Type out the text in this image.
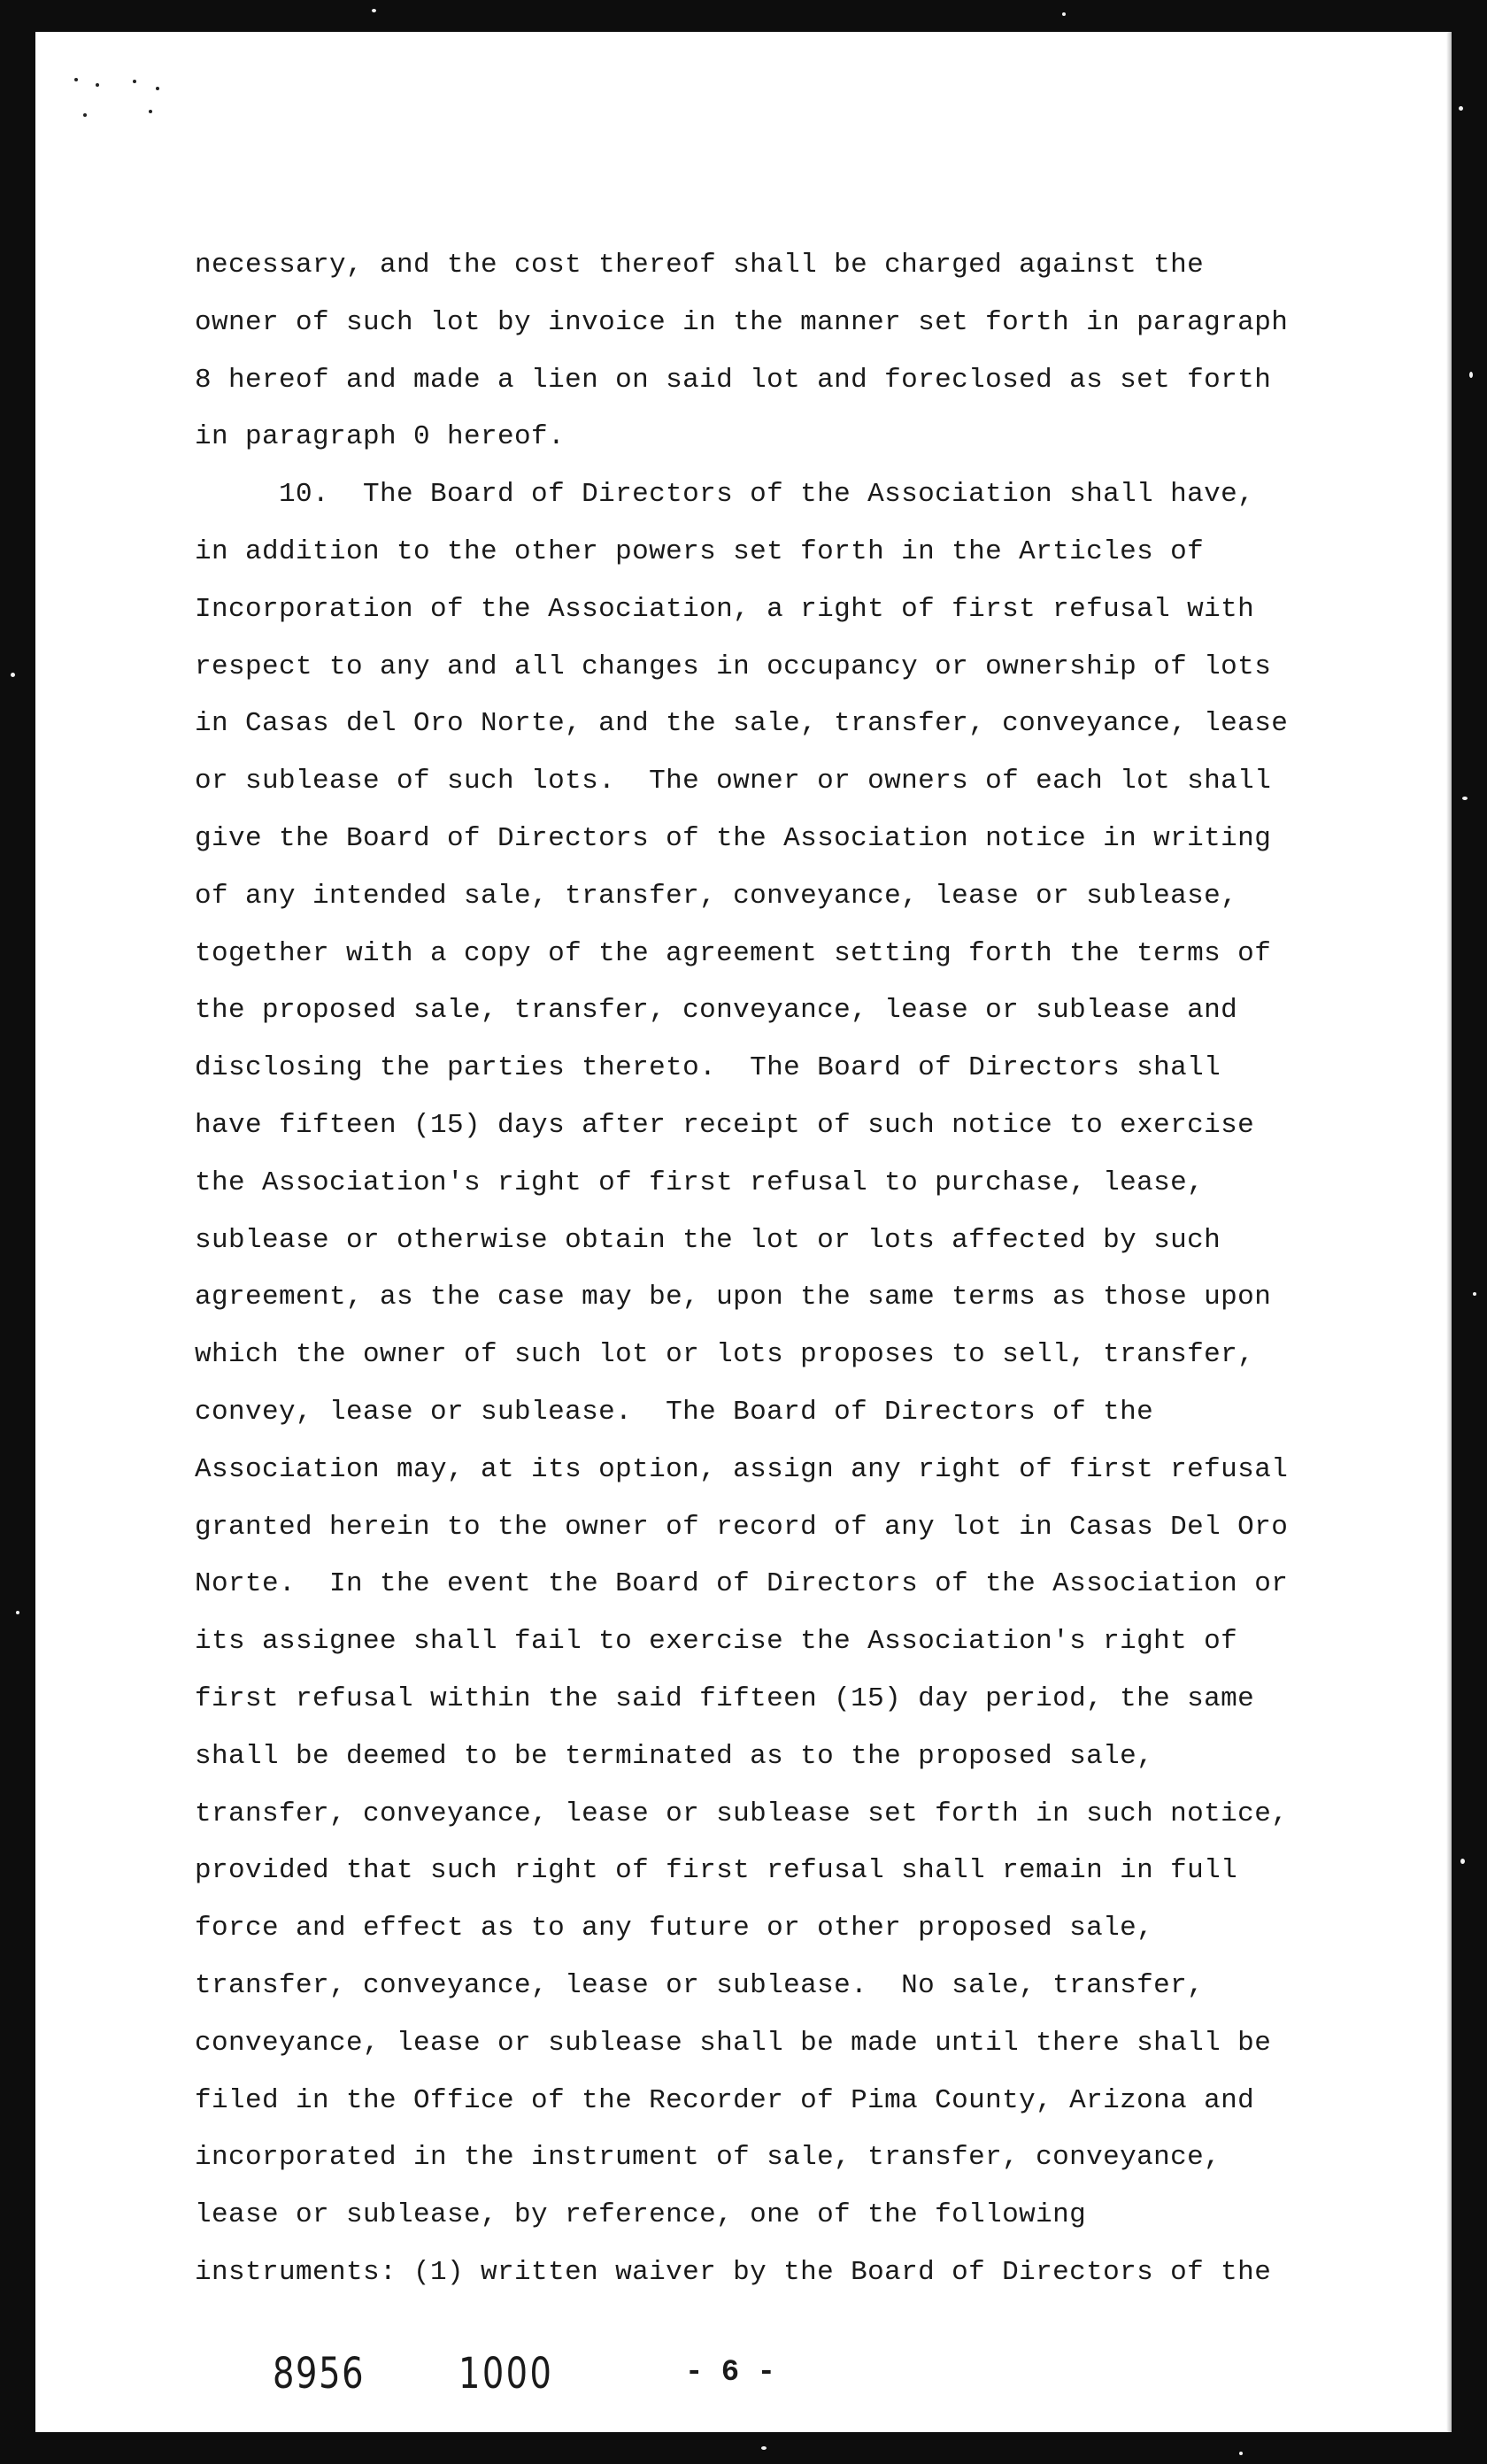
necessary, and the cost thereof shall be charged against the
owner of such lot by invoice in the manner set forth in paragraph
8 hereof and made a lien on said lot and foreclosed as set forth
in paragraph 0 hereof.
10.  The Board of Directors of the Association shall have,
in addition to the other powers set forth in the Articles of
Incorporation of the Association, a right of first refusal with
respect to any and all changes in occupancy or ownership of lots
in Casas del Oro Norte, and the sale, transfer, conveyance, lease
or sublease of such lots.  The owner or owners of each lot shall
give the Board of Directors of the Association notice in writing
of any intended sale, transfer, conveyance, lease or sublease,
together with a copy of the agreement setting forth the terms of
the proposed sale, transfer, conveyance, lease or sublease and
disclosing the parties thereto.  The Board of Directors shall
have fifteen (15) days after receipt of such notice to exercise
the Association's right of first refusal to purchase, lease,
sublease or otherwise obtain the lot or lots affected by such
agreement, as the case may be, upon the same terms as those upon
which the owner of such lot or lots proposes to sell, transfer,
convey, lease or sublease.  The Board of Directors of the
Association may, at its option, assign any right of first refusal
granted herein to the owner of record of any lot in Casas Del Oro
Norte.  In the event the Board of Directors of the Association or
its assignee shall fail to exercise the Association's right of
first refusal within the said fifteen (15) day period, the same
shall be deemed to be terminated as to the proposed sale,
transfer, conveyance, lease or sublease set forth in such notice,
provided that such right of first refusal shall remain in full
force and effect as to any future or other proposed sale,
transfer, conveyance, lease or sublease.  No sale, transfer,
conveyance, lease or sublease shall be made until there shall be
filed in the Office of the Recorder of Pima County, Arizona and
incorporated in the instrument of sale, transfer, conveyance,
lease or sublease, by reference, one of the following
instruments: (1) written waiver by the Board of Directors of the
8956 1000	- 6 -
